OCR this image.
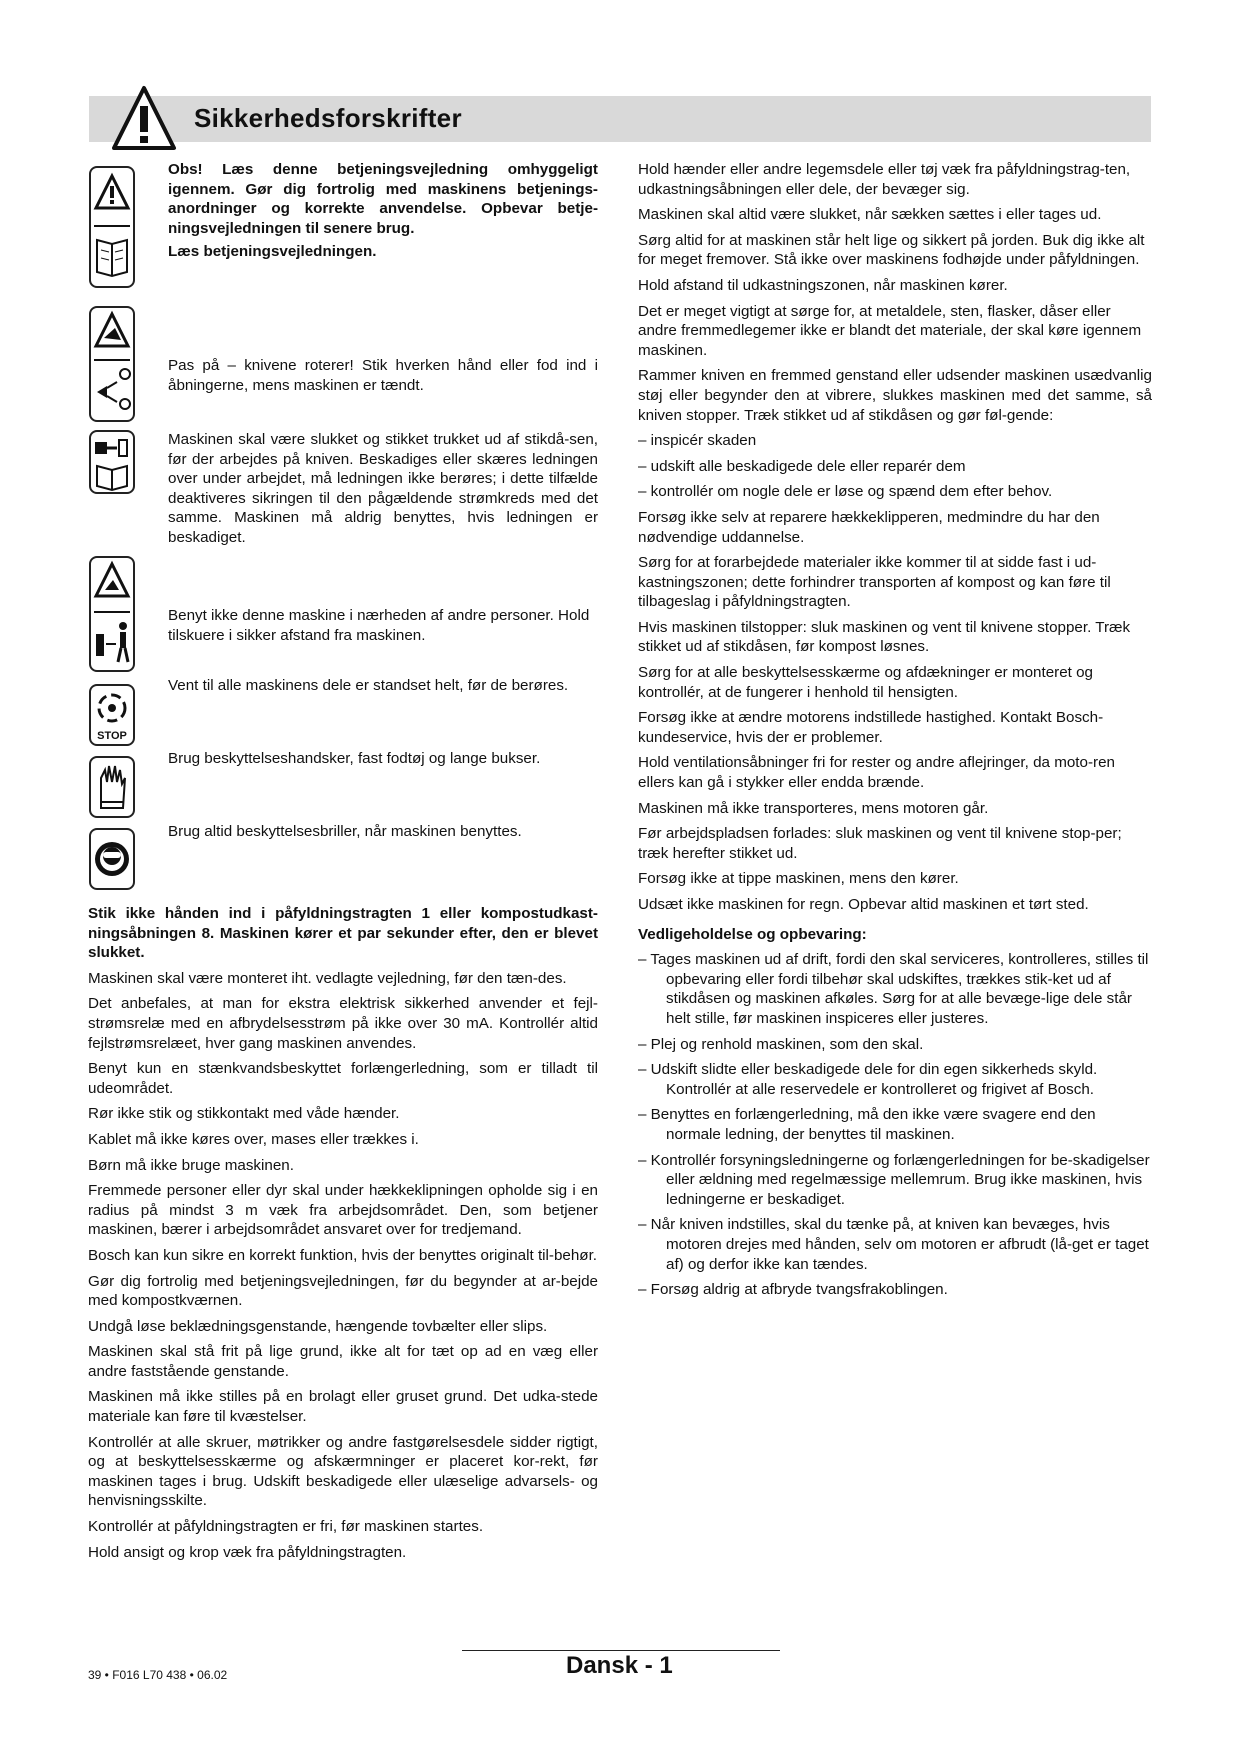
Sikkerhedsforskrifter

Obs! Læs denne betjeningsvejledning omhyggeligt igennem. Gør dig fortrolig med maskinens betjenings-anordninger og korrekte anvendelse. Opbevar betje-ningsvejledningen til senere brug.

Læs betjeningsvejledningen.

Pas på – knivene roterer! Stik hverken hånd eller fod ind i åbningerne, mens maskinen er tændt.

Maskinen skal være slukket og stikket trukket ud af stikdå-sen, før der arbejdes på kniven. Beskadiges eller skæres ledningen over under arbejdet, må ledningen ikke berøres; i dette tilfælde deaktiveres sikringen til den pågældende strømkreds med det samme. Maskinen må aldrig benyttes, hvis ledningen er beskadiget.

Benyt ikke denne maskine i nærheden af andre personer. Hold tilskuere i sikker afstand fra maskinen.

STOP

Vent til alle maskinens dele er standset helt, før de berøres.

Brug beskyttelseshandsker, fast fodtøj og lange bukser.

Brug altid beskyttelsesbriller, når maskinen benyttes.

Stik ikke hånden ind i påfyldningstragten 1 eller kompostudkast-ningsåbningen 8. Maskinen kører et par sekunder efter, den er blevet slukket.

Maskinen skal være monteret iht. vedlagte vejledning, før den tæn-des.

Det anbefales, at man for ekstra elektrisk sikkerhed anvender et fejl-strømsrelæ med en afbrydelsesstrøm på ikke over 30 mA. Kontrollér altid fejlstrømsrelæet, hver gang maskinen anvendes.

Benyt kun en stænkvandsbeskyttet forlængerledning, som er tilladt til udeområdet.

Rør ikke stik og stikkontakt med våde hænder.

Kablet må ikke køres over, mases eller trækkes i.

Børn må ikke bruge maskinen.

Fremmede personer eller dyr skal under hækkeklipningen opholde sig i en radius på mindst 3 m væk fra arbejdsområdet. Den, som betjener maskinen, bærer i arbejdsområdet ansvaret over for tredjemand.

Bosch kan kun sikre en korrekt funktion, hvis der benyttes originalt til-behør.

Gør dig fortrolig med betjeningsvejledningen, før du begynder at ar-bejde med kompostkværnen.

Undgå løse beklædningsgenstande, hængende tovbælter eller slips.

Maskinen skal stå frit på lige grund, ikke alt for tæt op ad en væg eller andre faststående genstande.

Maskinen må ikke stilles på en brolagt eller gruset grund. Det udka-stede materiale kan føre til kvæstelser.

Kontrollér at alle skruer, møtrikker og andre fastgørelsesdele sidder rigtigt, og at beskyttelsesskærme og afskærmninger er placeret kor-rekt, før maskinen tages i brug. Udskift beskadigede eller ulæselige advarsels- og henvisningsskilte.

Kontrollér at påfyldningstragten er fri, før maskinen startes.

Hold ansigt og krop væk fra påfyldningstragten.

Hold hænder eller andre legemsdele eller tøj væk fra påfyldningstrag-ten, udkastningsåbningen eller dele, der bevæger sig.

Maskinen skal altid være slukket, når sækken sættes i eller tages ud.

Sørg altid for at maskinen står helt lige og sikkert på jorden. Buk dig ikke alt for meget fremover. Stå ikke over maskinens fodhøjde under påfyldningen.

Hold afstand til udkastningszonen, når maskinen kører.

Det er meget vigtigt at sørge for, at metaldele, sten, flasker, dåser eller andre fremmedlegemer ikke er blandt det materiale, der skal køre igennem maskinen.

Rammer kniven en fremmed genstand eller udsender maskinen usædvanlig støj eller begynder den at vibrere, slukkes maskinen med det samme, så kniven stopper. Træk stikket ud af stikdåsen og gør føl-gende:

– inspicér skaden

– udskift alle beskadigede dele eller reparér dem

– kontrollér om nogle dele er løse og spænd dem efter behov.

Forsøg ikke selv at reparere hækkeklipperen, medmindre du har den nødvendige uddannelse.

Sørg for at forarbejdede materialer ikke kommer til at sidde fast i ud-kastningszonen; dette forhindrer transporten af kompost og kan føre til tilbageslag i påfyldningstragten.

Hvis maskinen tilstopper: sluk maskinen og vent til knivene stopper. Træk stikket ud af stikdåsen, før kompost løsnes.

Sørg for at alle beskyttelsesskærme og afdækninger er monteret og kontrollér, at de fungerer i henhold til hensigten.

Forsøg ikke at ændre motorens indstillede hastighed. Kontakt Bosch-kundeservice, hvis der er problemer.

Hold ventilationsåbninger fri for rester og andre aflejringer, da moto-ren ellers kan gå i stykker eller endda brænde.

Maskinen må ikke transporteres, mens motoren går.

Før arbejdspladsen forlades: sluk maskinen og vent til knivene stop-per; træk herefter stikket ud.

Forsøg ikke at tippe maskinen, mens den kører.

Udsæt ikke maskinen for regn. Opbevar altid maskinen et tørt sted.

Vedligeholdelse og opbevaring:

– Tages maskinen ud af drift, fordi den skal serviceres, kontrolleres, stilles til opbevaring eller fordi tilbehør skal udskiftes, trækkes stik-ket ud af stikdåsen og maskinen afkøles. Sørg for at alle bevæge-lige dele står helt stille, før maskinen inspiceres eller justeres.

– Plej og renhold maskinen, som den skal.

– Udskift slidte eller beskadigede dele for din egen sikkerheds skyld. Kontrollér at alle reservedele er kontrolleret og frigivet af Bosch.

– Benyttes en forlængerledning, må den ikke være svagere end den normale ledning, der benyttes til maskinen.

– Kontrollér forsyningsledningerne og forlængerledningen for be-skadigelser eller ældning med regelmæssige mellemrum. Brug ikke maskinen, hvis ledningerne er beskadiget.

– Når kniven indstilles, skal du tænke på, at kniven kan bevæges, hvis motoren drejes med hånden, selv om motoren er afbrudt (lå-get er taget af) og derfor ikke kan tændes.

– Forsøg aldrig at afbryde tvangsfrakoblingen.

39 • F016 L70 438 • 06.02	Dansk - 1
